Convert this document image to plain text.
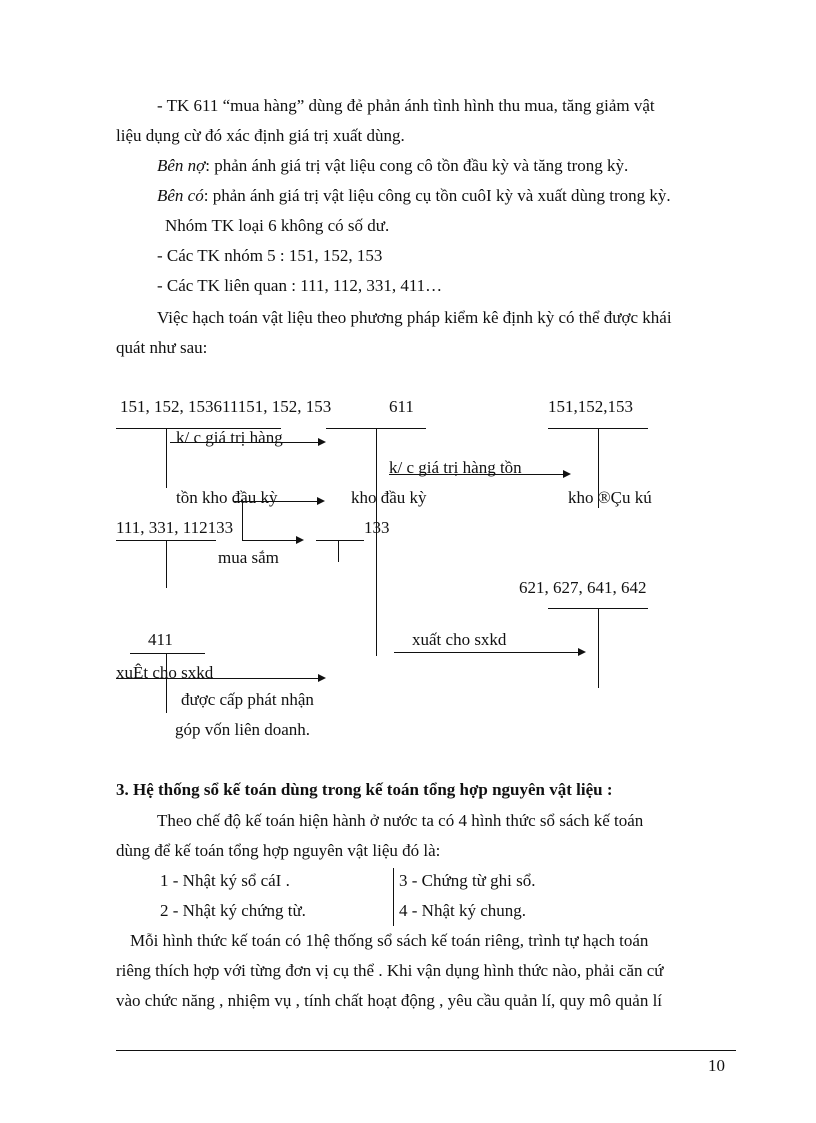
- TK 611 “mua hàng” dùng đẻ phản ánh tình hình thu mua, tăng giảm vật
liệu dụng cừ đó xác định giá trị xuất dùng.
Bên nợ: phản ánh giá trị vật liệu cong cô tồn đầu kỳ và tăng trong kỳ.
Bên có: phản ánh giá trị vật liệu công cụ tồn cuôI kỳ và xuất dùng trong kỳ.
Nhóm TK loại 6 không có số dư.
- Các TK nhóm 5 : 151, 152, 153
- Các TK liên quan : 111, 112, 331, 411…
Việc hạch toán vật liệu theo phương pháp kiểm kê định kỳ có thể được khái
quát như sau:
151, 152, 153611151, 152, 153	611	151,152,153
k/ c giá trị hàng
k/ c giá trị hàng tồn
tồn kho đầu kỳ	kho đầu kỳ	kho ®Çu kú
111, 331, 112133	133
mua sắm
621, 627, 641, 642
411	xuất cho sxkd
xuÊt cho sxkd
được cấp phát nhận
góp vốn liên doanh.
3. Hệ thống sổ kế toán dùng trong kế toán tổng hợp nguyên vật liệu :
Theo chế độ kế toán hiện hành ở nước ta có 4 hình thức sổ sách kế toán
dùng để kế toán tổng hợp nguyên vật liệu đó là:
1 - Nhật ký sổ cáI .
2 - Nhật ký chứng từ.
3 - Chứng từ ghi sổ.
4 - Nhật ký chung.
Mỗi hình thức kế toán có 1hệ thống sổ sách kế toán riêng, trình tự hạch toán
riêng thích hợp với từng đơn vị cụ thể . Khi vận dụng hình thức nào, phải căn cứ
vào chức năng , nhiệm vụ , tính chất hoạt động , yêu cầu quản lí, quy mô quản lí
10
